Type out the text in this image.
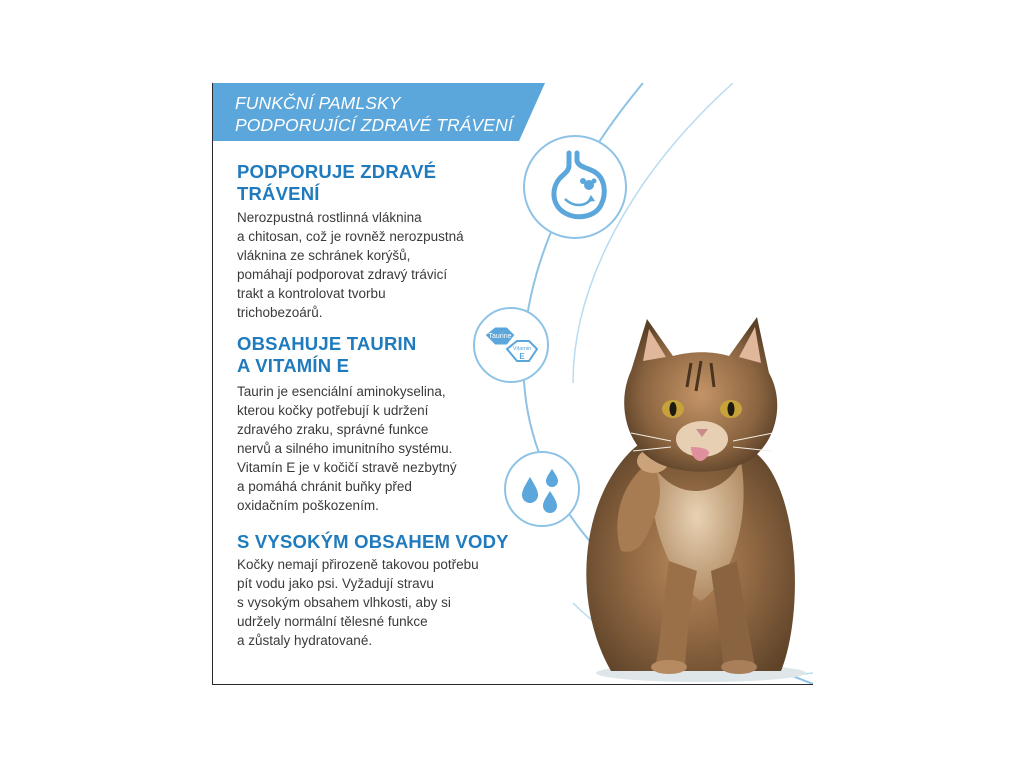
FUNKČNÍ PAMLSKY
PODPORUJÍCÍ ZDRAVÉ TRÁVENÍ
PODPORUJE ZDRAVÉ
TRÁVENÍ
Nerozpustná rostlinná vláknina
a chitosan, což je rovněž nerozpustná
vláknina ze schránek korýšů,
pomáhají podporovat zdravý trávicí
trakt a kontrolovat tvorbu
trichobezoárů.
OBSAHUJE TAURIN
A VITAMÍN E
Taurin je esenciální aminokyselina,
kterou kočky potřebují k udržení
zdravého zraku, správné funkce
nervů a silného imunitního systému.
Vitamín E je v kočičí stravě nezbytný
a pomáhá chránit buňky před
oxidačním poškozením.
S VYSOKÝM OBSAHEM VODY
Kočky nemají přirozeně takovou potřebu
pít vodu jako psi. Vyžadují stravu
s vysokým obsahem vlhkosti, aby si
udržely normální tělesné funkce
a zůstaly hydratované.
Taurine
Vitamin
E
